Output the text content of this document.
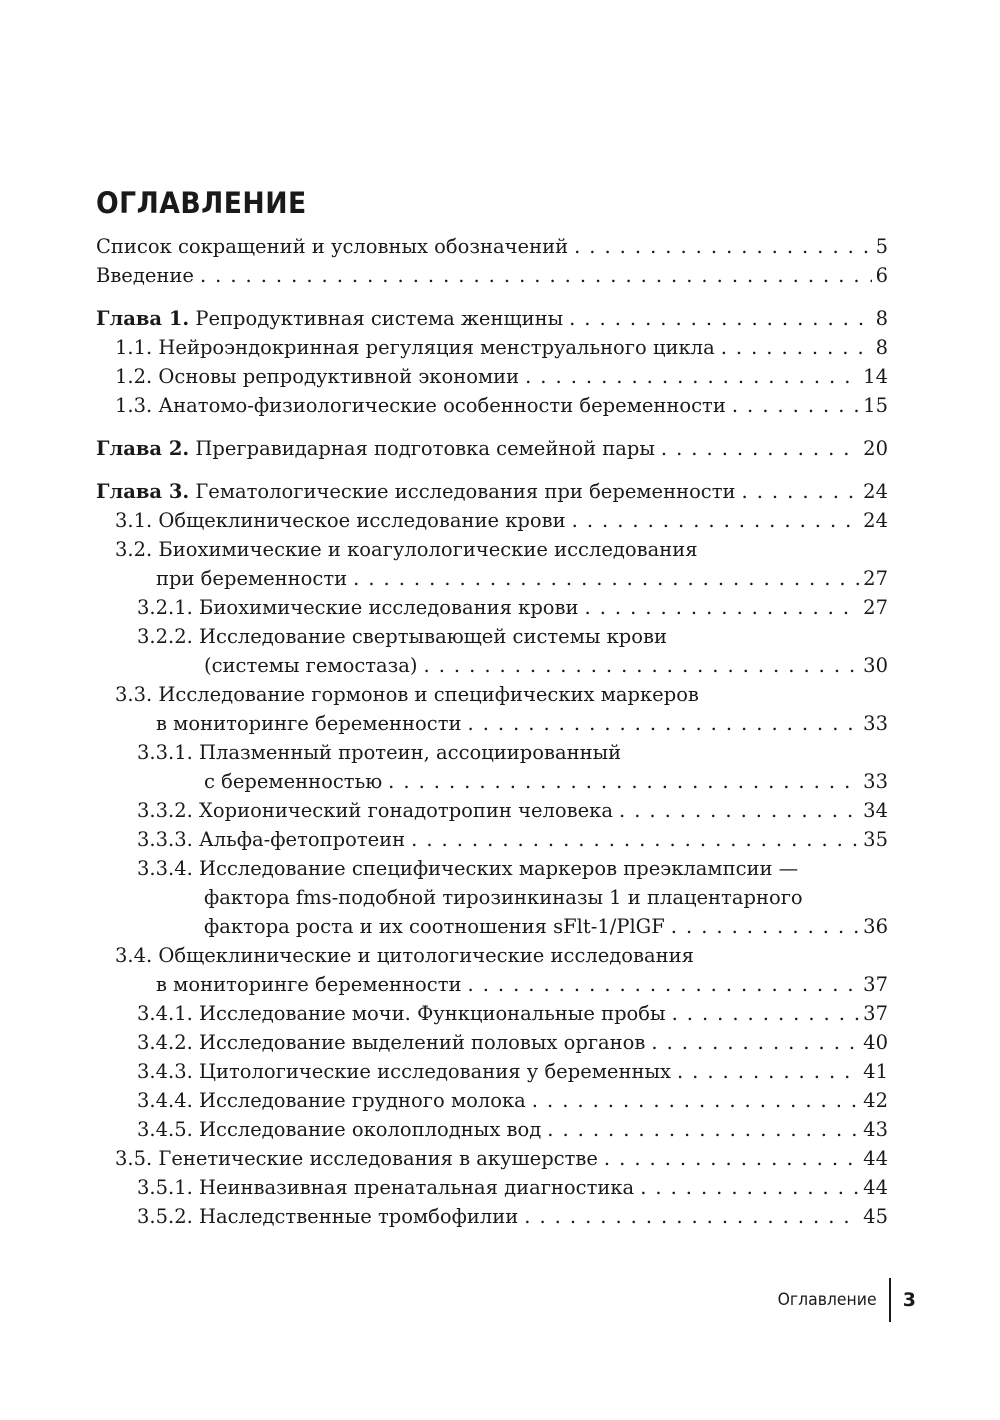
ОГЛАВЛЕНИЕ
Список сокращений и условных обозначений . . .	5
Введение . . .	6
Глава 1. Репродуктивная система женщины . . .	8
1.1. Нейроэндокринная регуляция менструального цикла . . .	8
1.2. Основы репродуктивной экономии . . .	14
1.3. Анатомо-физиологические особенности беременности . . .	15
Глава 2. Прегравидарная подготовка семейной пары . . .	20
Глава 3. Гематологические исследования при беременности . . .	24
3.1. Общеклиническое исследование крови . . .	24
3.2. Биохимические и коагулологические исследования
при беременности . . .	27
3.2.1. Биохимические исследования крови . . .	27
3.2.2. Исследование свертывающей системы крови
(системы гемостаза) . . .	30
3.3. Исследование гормонов и специфических маркеров
в мониторинге беременности . . .	33
3.3.1. Плазменный протеин, ассоциированный
с беременностью . . .	33
3.3.2. Хорионический гонадотропин человека . . .	34
3.3.3. Альфа-фетопротеин . . .	35
3.3.4. Исследование специфических маркеров преэклампсии —
фактора fms-подобной тирозинкиназы 1 и плацентарного
фактора роста и их соотношения sFlt-1/PlGF . . .	36
3.4. Общеклинические и цитологические исследования
в мониторинге беременности . . .	37
3.4.1. Исследование мочи. Функциональные пробы . . .	37
3.4.2. Исследование выделений половых органов . . .	40
3.4.3. Цитологические исследования у беременных . . .	41
3.4.4. Исследование грудного молока . . .	42
3.4.5. Исследование околоплодных вод . . .	43
3.5. Генетические исследования в акушерстве . . .	44
3.5.1. Неинвазивная пренатальная диагностика . . .	44
3.5.2. Наследственные тромбофилии . . .	45
Оглавление 3
